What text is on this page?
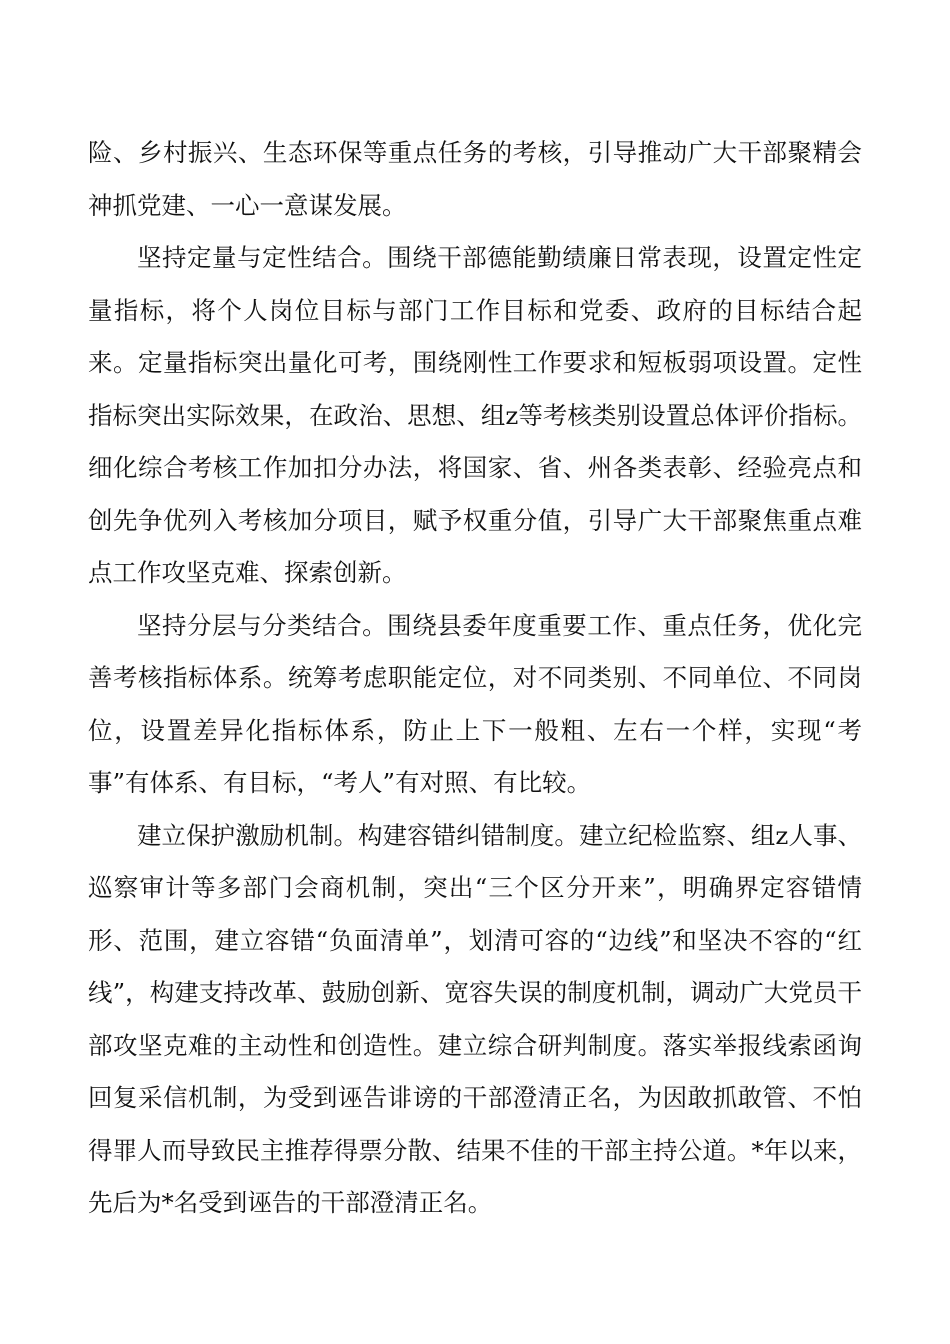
险、乡村振兴、生态环保等重点任务的考核，引导推动广大干部聚精会神抓党建、一心一意谋发展。

坚持定量与定性结合。围绕干部德能勤绩廉日常表现，设置定性定量指标，将个人岗位目标与部门工作目标和党委、政府的目标结合起来。定量指标突出量化可考，围绕刚性工作要求和短板弱项设置。定性指标突出实际效果，在政治、思想、组z等考核类别设置总体评价指标。细化综合考核工作加扣分办法，将国家、省、州各类表彰、经验亮点和创先争优列入考核加分项目，赋予权重分值，引导广大干部聚焦重点难点工作攻坚克难、探索创新。

坚持分层与分类结合。围绕县委年度重要工作、重点任务，优化完善考核指标体系。统筹考虑职能定位，对不同类别、不同单位、不同岗位，设置差异化指标体系，防止上下一般粗、左右一个样，实现“考事”有体系、有目标，“考人”有对照、有比较。

建立保护激励机制。构建容错纠错制度。建立纪检监察、组z人事、巡察审计等多部门会商机制，突出“三个区分开来”，明确界定容错情形、范围，建立容错“负面清单”，划清可容的“边线”和坚决不容的“红线”，构建支持改革、鼓励创新、宽容失误的制度机制，调动广大党员干部攻坚克难的主动性和创造性。建立综合研判制度。落实举报线索函询回复采信机制，为受到诬告诽谤的干部澄清正名，为因敢抓敢管、不怕得罪人而导致民主推荐得票分散、结果不佳的干部主持公道。*年以来，先后为*名受到诬告的干部澄清正名。
